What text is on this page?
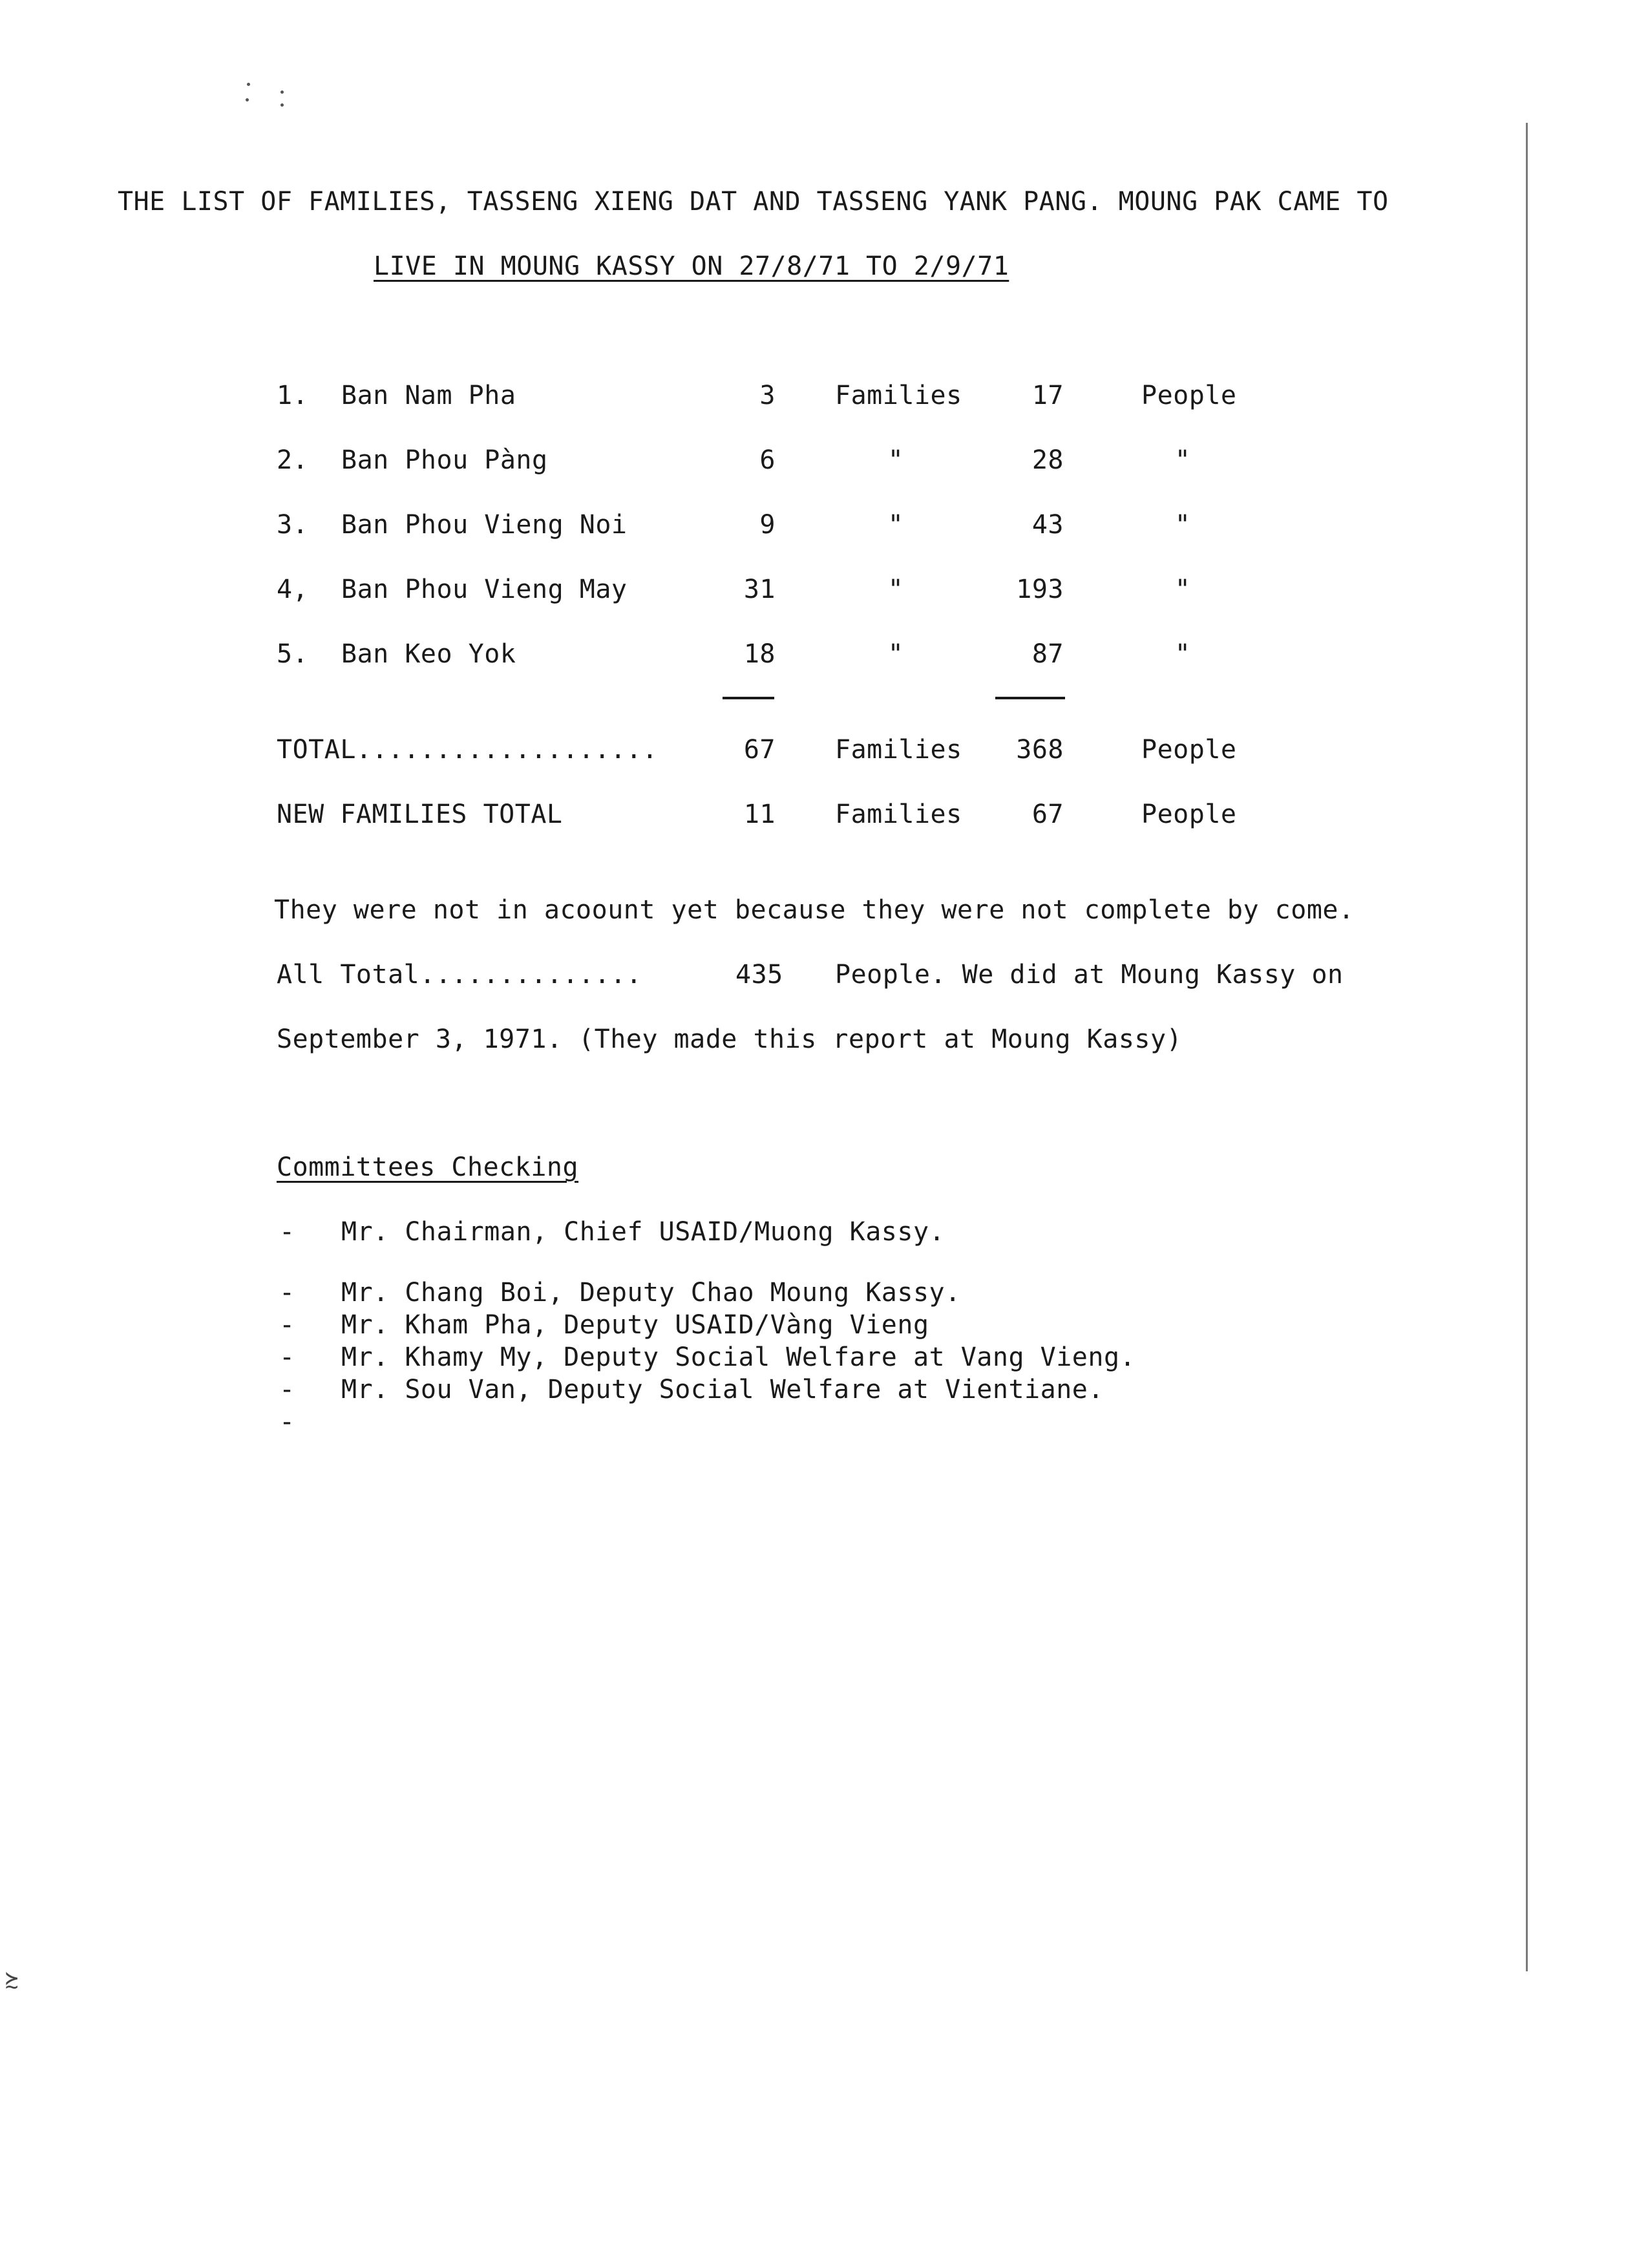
≿
THE LIST OF FAMILIES, TASSENG XIENG DAT AND TASSENG YANK PANG. MOUNG PAK CAME TO
LIVE IN MOUNG KASSY ON 27/8/71 TO 2/9/71
1. Ban Nam Pha	3 Families	17	People
2. Ban Phou Pàng	6	"	28	"
3. Ban Phou Vieng Noi	9	"	43	"
4, Ban Phou Vieng May	31	"	193	"
5. Ban Keo Yok	18	"	87	"
TOTAL...................	67 Families	368	People
NEW FAMILIES TOTAL	11 Families	67	People
They were not in acoount yet because they were not complete by come.
All Total..............	435 People. We did at Moung Kassy on
September 3, 1971. (They made this report at Moung Kassy)
Committees Checking
- Mr. Chairman, Chief USAID/Muong Kassy.
- Mr. Chang Boi, Deputy Chao Moung Kassy.
- Mr. Kham Pha, Deputy USAID/Vàng Vieng
- Mr. Khamy My, Deputy Social Welfare at Vang Vieng.
- Mr. Sou Van, Deputy Social Welfare at Vientiane.
-
